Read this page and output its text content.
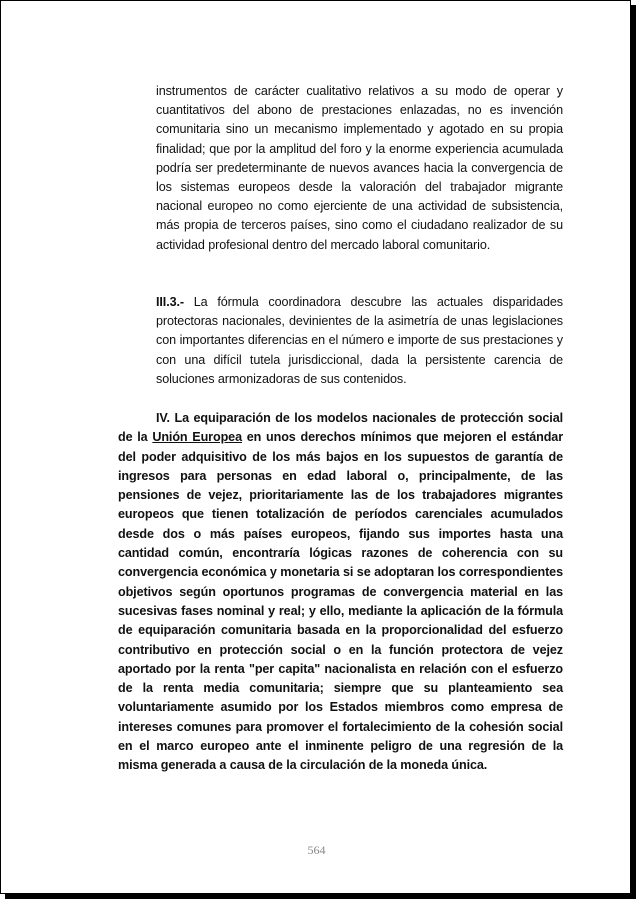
instrumentos de carácter cualitativo relativos a su modo de operar y cuantitativos del abono de prestaciones enlazadas, no es invención comunitaria sino un mecanismo implementado y agotado en su propia finalidad; que por la amplitud del foro y la enorme experiencia acumulada podría ser predeterminante de nuevos avances hacia la convergencia de los sistemas europeos desde la valoración del trabajador migrante nacional europeo no como ejerciente de una actividad de subsistencia, más propia de terceros países, sino como el ciudadano realizador de su actividad profesional dentro del mercado laboral comunitario.

III.3.- La fórmula coordinadora descubre las actuales disparidades protectoras nacionales, devinientes de la asimetría de unas legislaciones con importantes diferencias en el número e importe de sus prestaciones y con una difícil tutela jurisdiccional, dada la persistente carencia de soluciones armonizadoras de sus contenidos.

IV. La equiparación de los modelos nacionales de protección social de la Unión Europea en unos derechos mínimos que mejoren el estándar del poder adquisitivo de los más bajos en los supuestos de garantía de ingresos para personas en edad laboral o, principalmente, de las pensiones de vejez, prioritariamente las de los trabajadores migrantes europeos que tienen totalización de períodos carenciales acumulados desde dos o más países europeos, fijando sus importes hasta una cantidad común, encontraría lógicas razones de coherencia con su convergencia económica y monetaria si se adoptaran los correspondientes objetivos según oportunos programas de convergencia material en las sucesivas fases nominal y real; y ello, mediante la aplicación de la fórmula de equiparación comunitaria basada en la proporcionalidad del esfuerzo contributivo en protección social o en la función protectora de vejez aportado por la renta "per capita" nacionalista en relación con el esfuerzo de la renta media comunitaria; siempre que su planteamiento sea voluntariamente asumido por los Estados miembros como empresa de intereses comunes para promover el fortalecimiento de la cohesión social en el marco europeo ante el inminente peligro de una regresión de la misma generada a causa de la circulación de la moneda única.

564
